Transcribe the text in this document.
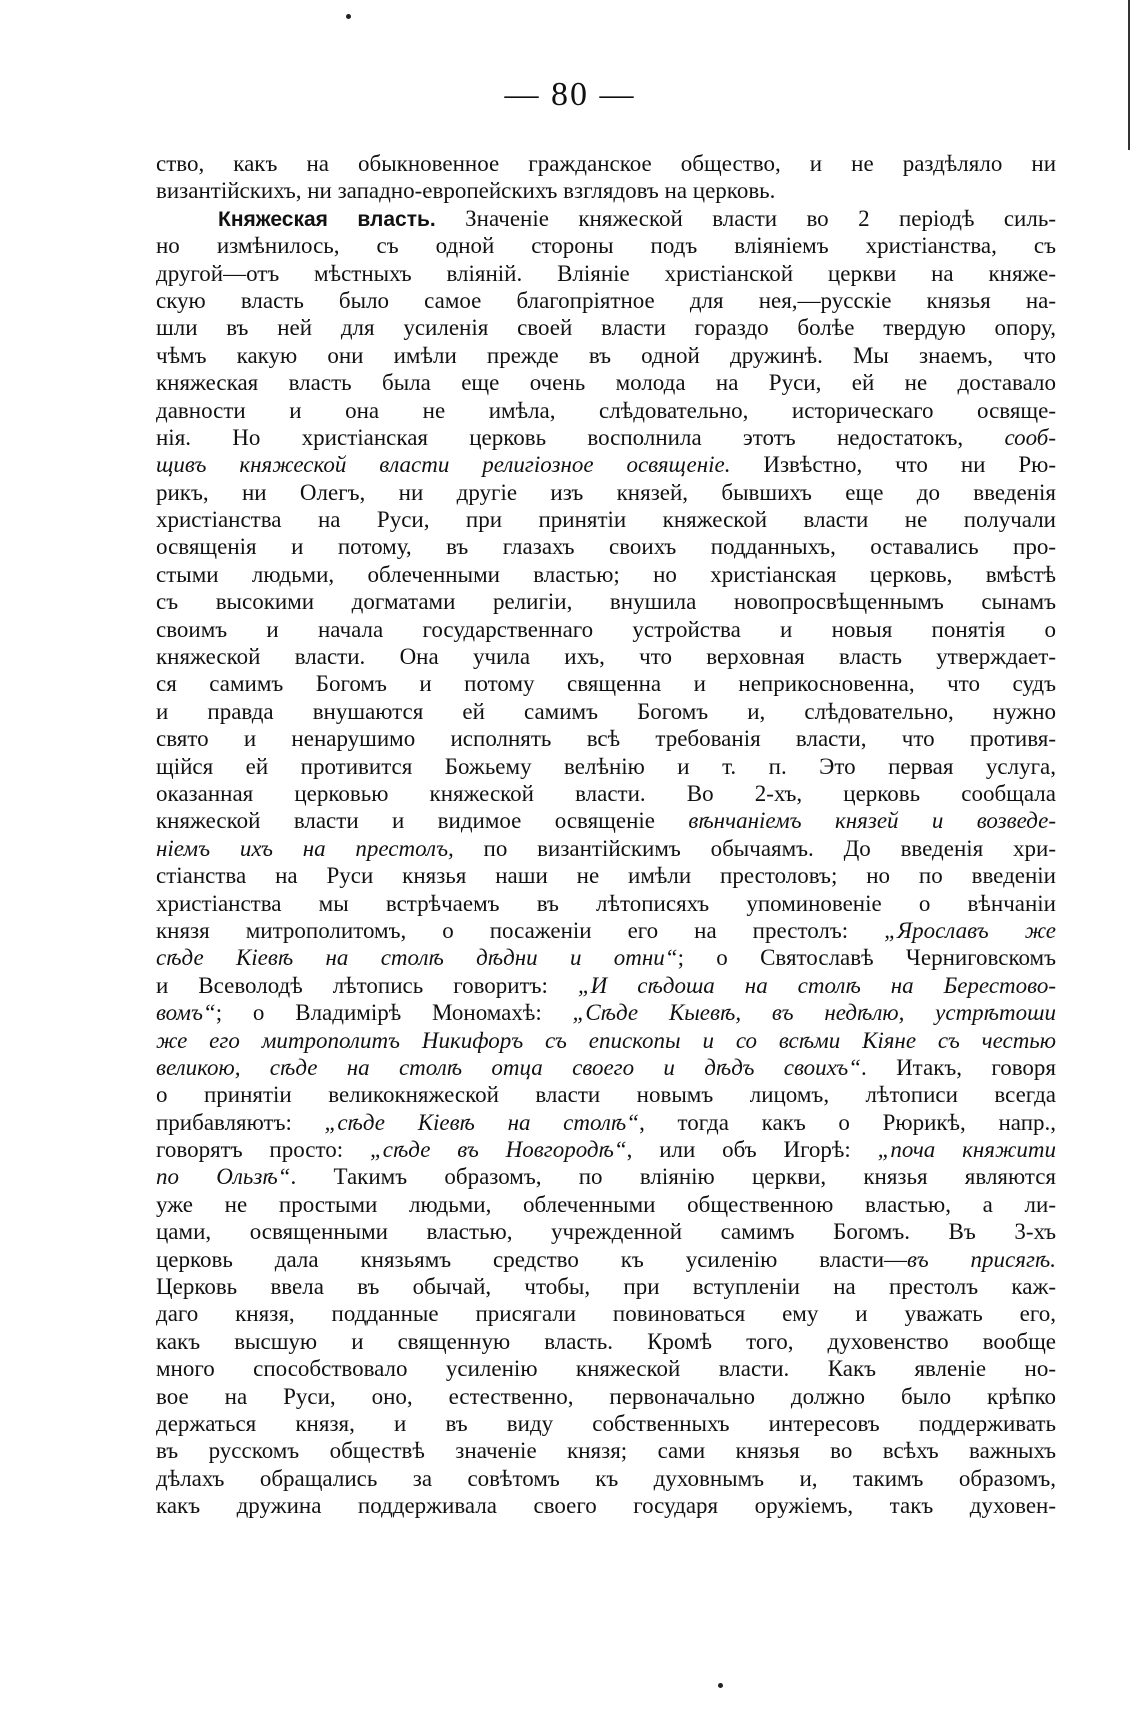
— 80 —
ство, какъ на обыкновенное гражданское общество, и не раздѣляло ни
византійскихъ, ни западно-европейскихъ взглядовъ на церковь.
Княжеская власть. Значеніе княжеской власти во 2 періодѣ силь-
но измѣнилось, съ одной стороны подъ вліяніемъ христіанства, съ
другой—отъ мѣстныхъ вліяній. Вліяніе христіанской церкви на княже-
скую власть было самое благопріятное для нея,—русскіе князья на-
шли въ ней для усиленія своей власти гораздо болѣе твердую опору,
чѣмъ какую они имѣли прежде въ одной дружинѣ. Мы знаемъ, что
княжеская власть была еще очень молода на Руси, ей не доставало
давности и она не имѣла, слѣдовательно, историческаго освяще-
нія. Но христіанская церковь восполнила этотъ недостатокъ, сооб-
щивъ княжеской власти религіозное освященіе. Извѣстно, что ни Рю-
рикъ, ни Олегъ, ни другіе изъ князей, бывшихъ еще до введенія
христіанства на Руси, при принятіи княжеской власти не получали
освященія и потому, въ глазахъ своихъ подданныхъ, оставались про-
стыми людьми, облеченными властью; но христіанская церковь, вмѣстѣ
съ высокими догматами религіи, внушила новопросвѣщеннымъ сынамъ
своимъ и начала государственнаго устройства и новыя понятія о
княжеской власти. Она учила ихъ, что верховная власть утверждает-
ся самимъ Богомъ и потому священна и неприкосновенна, что судъ
и правда внушаются ей самимъ Богомъ и, слѣдовательно, нужно
свято и ненарушимо исполнять всѣ требованія власти, что противя-
щійся ей противится Божьему велѣнію и т. п. Это первая услуга,
оказанная церковью княжеской власти. Во 2-хъ, церковь сообщала
княжеской власти и видимое освященіе вѣнчаніемъ князей и возведе-
ніемъ ихъ на престолъ, по византійскимъ обычаямъ. До введенія хри-
стіанства на Руси князья наши не имѣли престоловъ; но по введеніи
христіанства мы встрѣчаемъ въ лѣтописяхъ упоминовеніе о вѣнчаніи
князя митрополитомъ, о посаженіи его на престолъ: „Ярославъ же
сѣде Кіевѣ на столѣ дѣдни и отни“; о Святославѣ Черниговскомъ
и Всеволодѣ лѣтопись говоритъ: „И сѣдоша на столѣ на Берестово-
вомъ“; о Владимірѣ Мономахѣ: „Сѣде Кыевѣ, въ недѣлю, устрѣтоши
же его митрополитъ Никифоръ съ епископы и со всѣми Кіяне съ честью
великою, сѣде на столѣ отца своего и дѣдъ своихъ“. Итакъ, говоря
о принятіи великокняжеской власти новымъ лицомъ, лѣтописи всегда
прибавляютъ: „сѣде Кіевѣ на столѣ“, тогда какъ о Рюрикѣ, напр.,
говорятъ просто: „сѣде въ Новгородѣ“, или объ Игорѣ: „поча княжити
по Ользѣ“. Такимъ образомъ, по вліянію церкви, князья являются
уже не простыми людьми, облеченными общественною властью, а ли-
цами, освященными властью, учрежденной самимъ Богомъ. Въ 3-хъ
церковь дала князьямъ средство къ усиленію власти—въ присягѣ.
Церковь ввела въ обычай, чтобы, при вступленіи на престолъ каж-
даго князя, подданные присягали повиноваться ему и уважать его,
какъ высшую и священную власть. Кромѣ того, духовенство вообще
много способствовало усиленію княжеской власти. Какъ явленіе но-
вое на Руси, оно, естественно, первоначально должно было крѣпко
держаться князя, и въ виду собственныхъ интересовъ поддерживать
въ русскомъ обществѣ значеніе князя; сами князья во всѣхъ важныхъ
дѣлахъ обращались за совѣтомъ къ духовнымъ и, такимъ образомъ,
какъ дружина поддерживала своего государя оружіемъ, такъ духовен-
